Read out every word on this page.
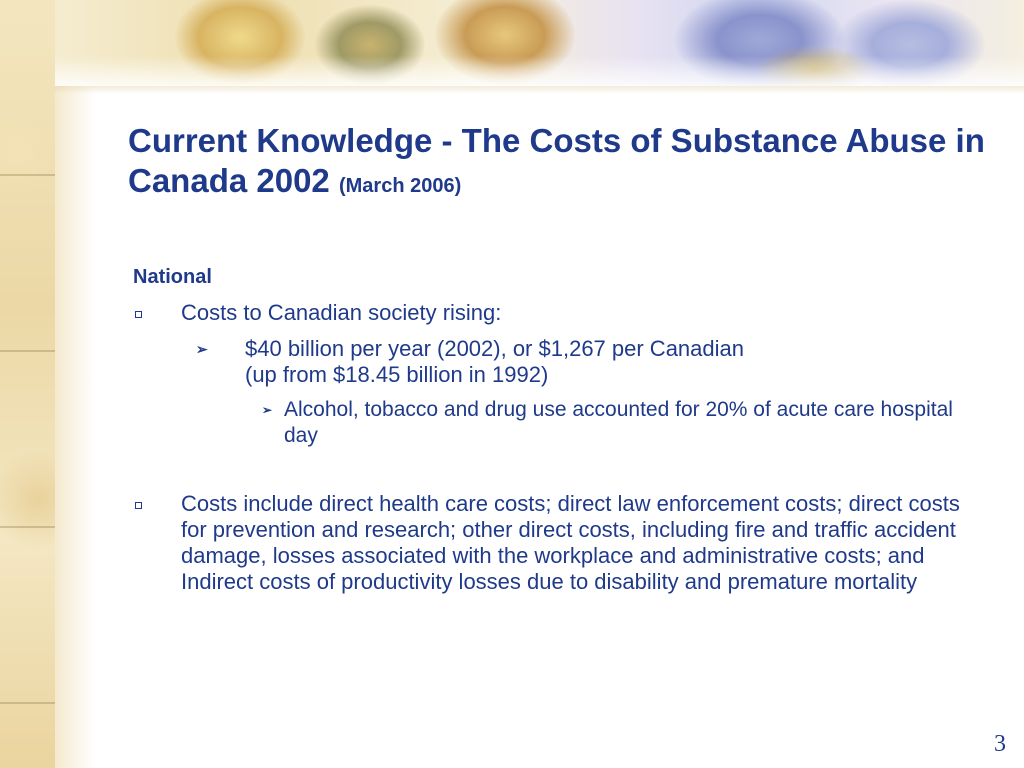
Current Knowledge - The Costs of Substance Abuse in Canada 2002 (March 2006)
National
Costs to Canadian society rising:
➢ $40 billion per year (2002), or $1,267 per Canadian
(up from $18.45 billion in 1992)
➢ Alcohol, tobacco and drug use accounted for 20% of acute care hospital day
Costs include direct health care costs; direct law enforcement costs; direct costs for prevention and research; other direct costs, including fire and traffic accident damage, losses associated with the workplace and administrative costs; and Indirect costs of productivity losses due to disability and premature mortality
3
